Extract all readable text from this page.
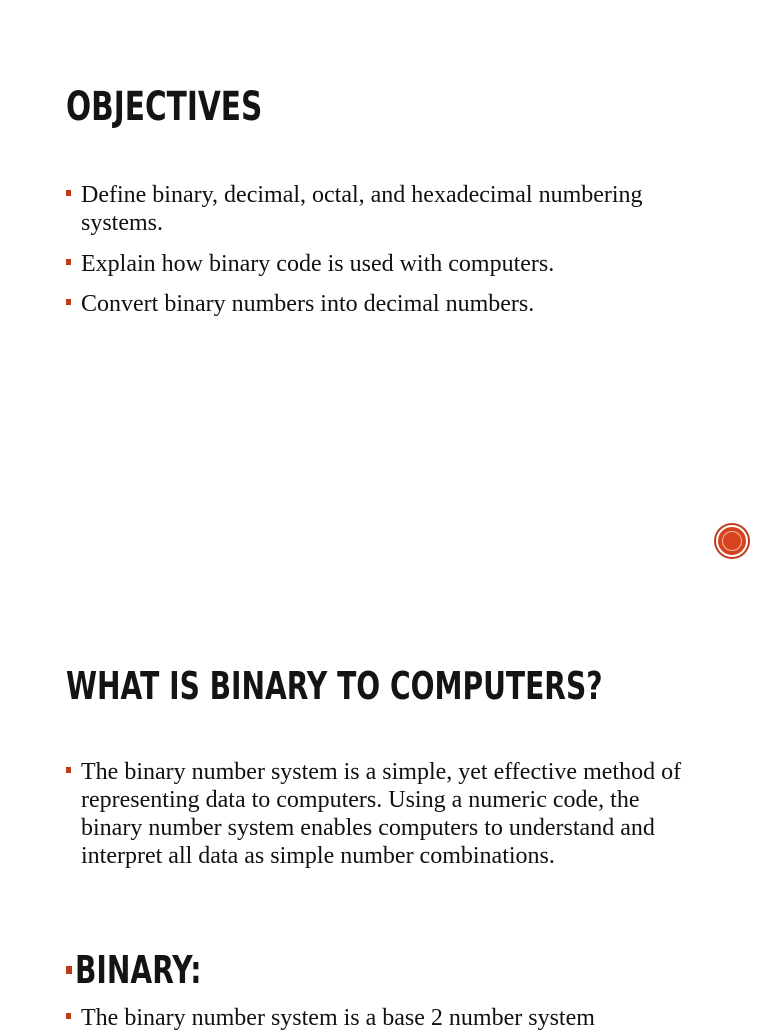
OBJECTIVES
Define binary, decimal, octal, and hexadecimal numbering systems.
Explain how binary code is used with computers.
Convert binary numbers into decimal numbers.
WHAT IS BINARY TO COMPUTERS?
The binary number system is a simple, yet effective method of representing data to computers. Using a numeric code, the binary number system enables computers to understand and interpret all data as simple number combinations.
BINARY:
The binary number system is a base 2 number system
